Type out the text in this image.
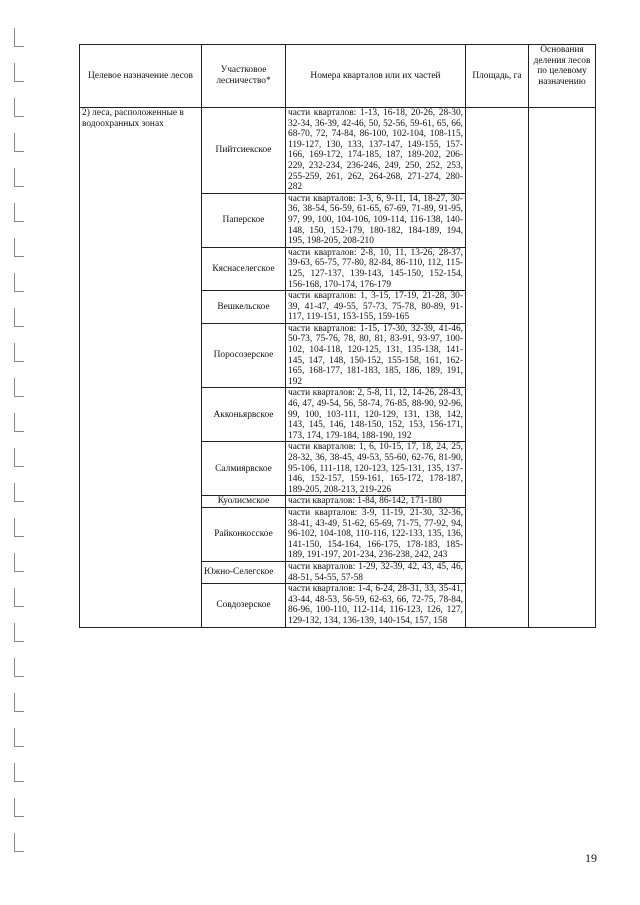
Целевое назначение лесов	Участковое лесничество*	Номера кварталов или их частей	Площадь, га	Основания деления лесов по целевому назначению
2) леса, расположенные в водоохранных зонах	Пийтсиекское	части кварталов: 1-13, 16-18, 20-26, 28-30, 32-34, 36-39, 42-46, 50, 52-56, 59-61, 65, 66, 68-70, 72, 74-84, 86-100, 102-104, 108-115, 119-127, 130, 133, 137-147, 149-155, 157-166, 169-172, 174-185, 187, 189-202, 206-229, 232-234, 236-246, 249, 250, 252, 253, 255-259, 261, 262, 264-268, 271-274, 280-282		
	Паперское	части кварталов: 1-3, 6, 9-11, 14, 18-27, 30-36, 38-54, 56-59, 61-65, 67-69, 71-89, 91-95, 97, 99, 100, 104-106, 109-114, 116-138, 140-148, 150, 152-179, 180-182, 184-189, 194, 195, 198-205, 208-210		
	Кяснаселегское	части кварталов: 2-8, 10, 11, 13-26, 28-37, 39-63, 65-75, 77-80, 82-84, 86-110, 112, 115-125, 127-137, 139-143, 145-150, 152-154, 156-168, 170-174, 176-179		
	Вешкельское	части кварталов: 1, 3-15, 17-19, 21-28, 30-39, 41-47, 49-55, 57-73, 75-78, 80-89, 91-117, 119-151, 153-155, 159-165		
	Поросозерское	части кварталов: 1-15, 17-30, 32-39, 41-46, 50-73, 75-76, 78, 80, 81, 83-91, 93-97, 100-102, 104-118, 120-125, 131, 135-138, 141-145, 147, 148, 150-152, 155-158, 161, 162-165, 168-177, 181-183, 185, 186, 189, 191, 192		
	Акконьярвское	части кварталов: 2, 5-8, 11, 12, 14-26, 28-43, 46, 47, 49-54, 56, 58-74, 76-85, 88-90, 92-96, 99, 100, 103-111, 120-129, 131, 138, 142, 143, 145, 146, 148-150, 152, 153, 156-171, 173, 174, 179-184, 188-190, 192		
	Салмиярвское	части кварталов: 1, 6, 10-15, 17, 18, 24, 25, 28-32, 36, 38-45, 49-53, 55-60, 62-76, 81-90, 95-106, 111-118, 120-123, 125-131, 135, 137-146, 152-157, 159-161, 165-172, 178-187, 189-205, 208-213, 219-226		
	Куолисмское	части кварталов: 1-84, 86-142, 171-180		
	Райконкосское	части кварталов: 3-9, 11-19, 21-30, 32-36, 38-41, 43-49, 51-62, 65-69, 71-75, 77-92, 94, 96-102, 104-108, 110-116, 122-133, 135, 136, 141-150, 154-164, 166-175, 178-183, 185-189, 191-197, 201-234, 236-238, 242, 243		
	Южно-Селегское	части кварталов: 1-29, 32-39, 42, 43, 45, 46, 48-51, 54-55, 57-58		
	Совдозерское	части кварталов: 1-4, 6-24, 28-31, 33, 35-41, 43-44, 48-53, 56-59, 62-63, 66, 72-75, 78-84, 86-96, 100-110, 112-114, 116-123, 126, 127, 129-132, 134, 136-139, 140-154, 157, 158		
19
